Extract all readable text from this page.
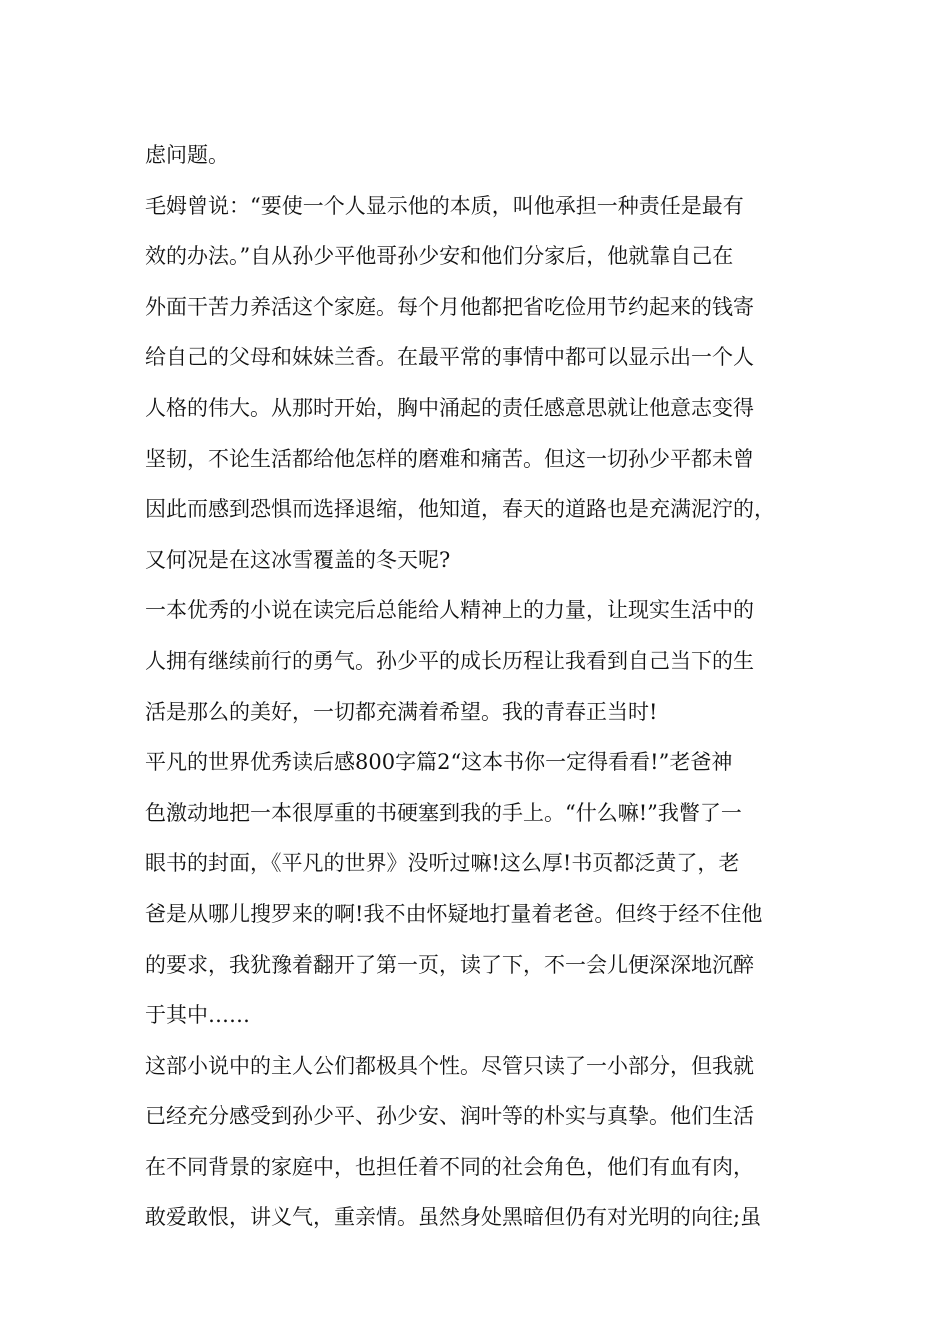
虑问题。
毛姆曾说：“要使一个人显示他的本质，叫他承担一种责任是最有
效的办法。”自从孙少平他哥孙少安和他们分家后，他就靠自己在
外面干苦力养活这个家庭。每个月他都把省吃俭用节约起来的钱寄
给自己的父母和妹妹兰香。在最平常的事情中都可以显示出一个人
人格的伟大。从那时开始，胸中涌起的责任感意思就让他意志变得
坚韧，不论生活都给他怎样的磨难和痛苦。但这一切孙少平都未曾
因此而感到恐惧而选择退缩，他知道，春天的道路也是充满泥泞的，
又何况是在这冰雪覆盖的冬天呢?
一本优秀的小说在读完后总能给人精神上的力量，让现实生活中的
人拥有继续前行的勇气。孙少平的成长历程让我看到自己当下的生
活是那么的美好，一切都充满着希望。我的青春正当时!
平凡的世界优秀读后感800字篇2“这本书你一定得看看!”老爸神
色激动地把一本很厚重的书硬塞到我的手上。“什么嘛!”我瞥了一
眼书的封面，《平凡的世界》没听过嘛!这么厚!书页都泛黄了，老
爸是从哪儿搜罗来的啊!我不由怀疑地打量着老爸。但终于经不住他
的要求，我犹豫着翻开了第一页，读了下，不一会儿便深深地沉醉
于其中……
这部小说中的主人公们都极具个性。尽管只读了一小部分，但我就
已经充分感受到孙少平、孙少安、润叶等的朴实与真挚。他们生活
在不同背景的家庭中，也担任着不同的社会角色，他们有血有肉，
敢爱敢恨，讲义气，重亲情。虽然身处黑暗但仍有对光明的向往;虽
